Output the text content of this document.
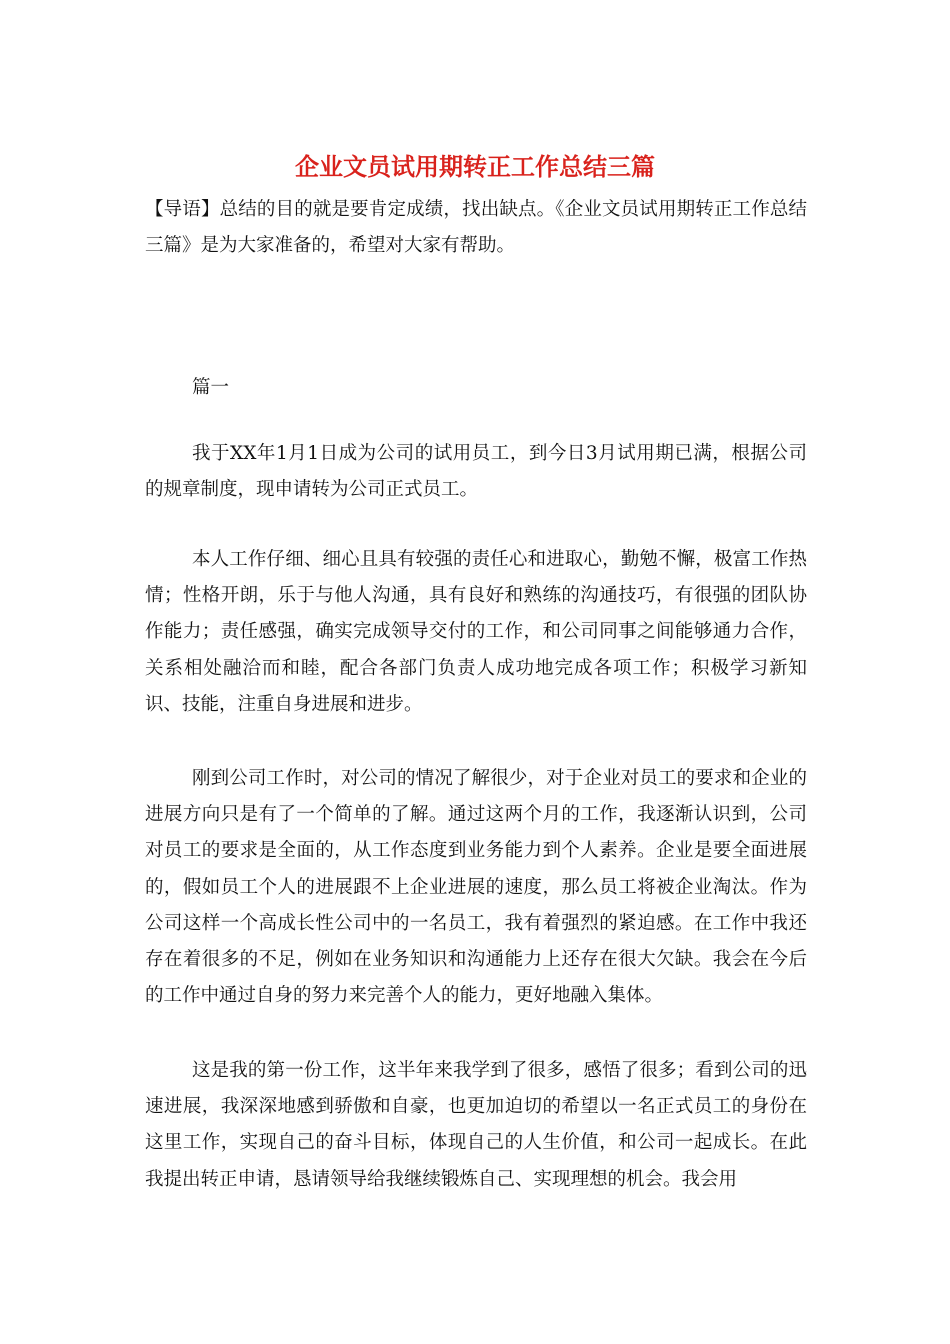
企业文员试用期转正工作总结三篇

【导语】总结的目的就是要肯定成绩，找出缺点。《企业文员试用期转正工作总结三篇》是为大家准备的，希望对大家有帮助。

篇一

我于XX年1月1日成为公司的试用员工，到今日3月试用期已满，根据公司的规章制度，现申请转为公司正式员工。

本人工作仔细、细心且具有较强的责任心和进取心，勤勉不懈，极富工作热情；性格开朗，乐于与他人沟通，具有良好和熟练的沟通技巧，有很强的团队协作能力；责任感强，确实完成领导交付的工作，和公司同事之间能够通力合作，关系相处融洽而和睦，配合各部门负责人成功地完成各项工作；积极学习新知识、技能，注重自身进展和进步。

刚到公司工作时，对公司的情况了解很少，对于企业对员工的要求和企业的进展方向只是有了一个简单的了解。通过这两个月的工作，我逐渐认识到，公司对员工的要求是全面的，从工作态度到业务能力到个人素养。企业是要全面进展的，假如员工个人的进展跟不上企业进展的速度，那么员工将被企业淘汰。作为公司这样一个高成长性公司中的一名员工，我有着强烈的紧迫感。在工作中我还存在着很多的不足，例如在业务知识和沟通能力上还存在很大欠缺。我会在今后的工作中通过自身的努力来完善个人的能力，更好地融入集体。

这是我的第一份工作，这半年来我学到了很多，感悟了很多；看到公司的迅速进展，我深深地感到骄傲和自豪，也更加迫切的希望以一名正式员工的身份在这里工作，实现自己的奋斗目标，体现自己的人生价值，和公司一起成长。在此我提出转正申请，恳请领导给我继续锻炼自己、实现理想的机会。我会用
